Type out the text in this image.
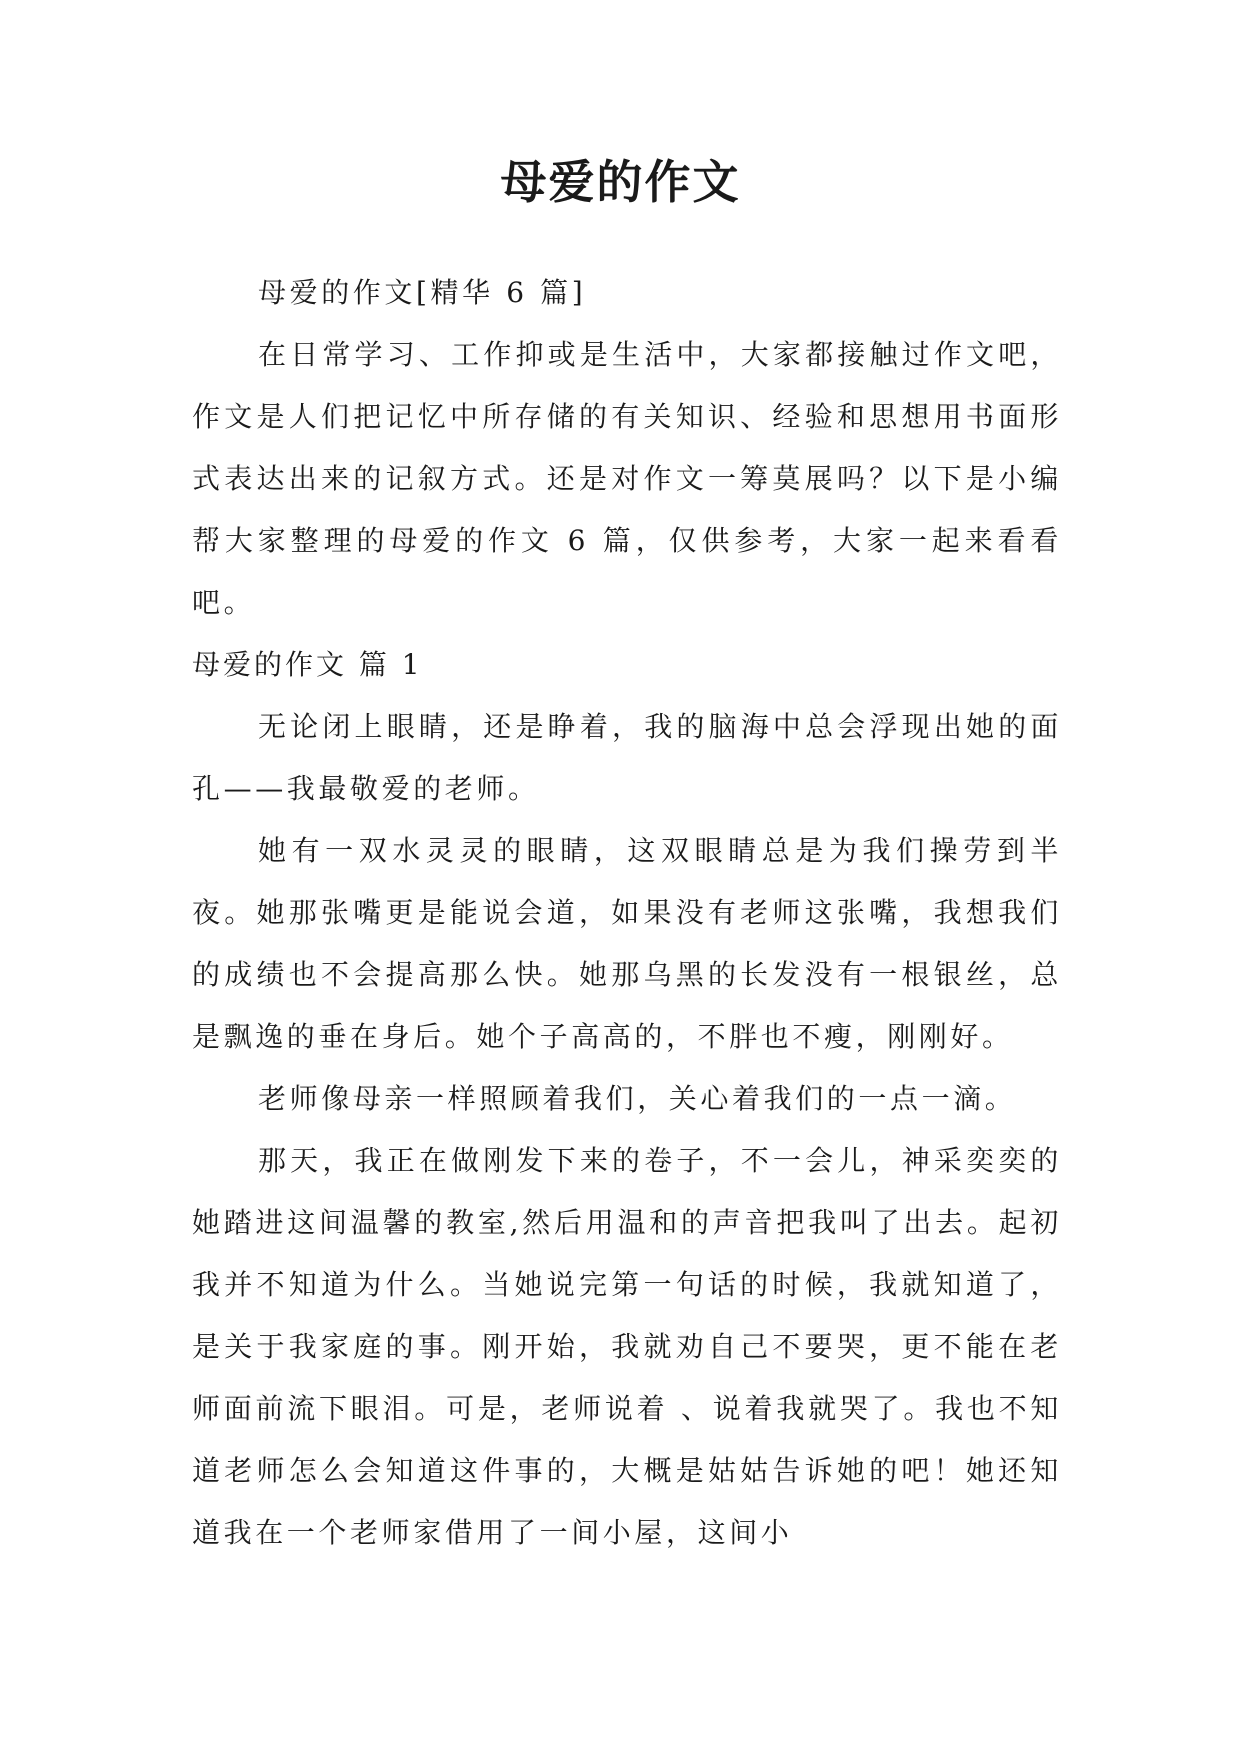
母爱的作文

母爱的作文[精华 6 篇]

在日常学习、工作抑或是生活中，大家都接触过作文吧，作文是人们把记忆中所存储的有关知识、经验和思想用书面形式表达出来的记叙方式。还是对作文一筹莫展吗？以下是小编帮大家整理的母爱的作文 6 篇，仅供参考，大家一起来看看吧。

母爱的作文 篇 1

无论闭上眼睛，还是睁着，我的脑海中总会浮现出她的面孔——我最敬爱的老师。

她有一双水灵灵的眼睛，这双眼睛总是为我们操劳到半夜。她那张嘴更是能说会道，如果没有老师这张嘴，我想我们的成绩也不会提高那么快。她那乌黑的长发没有一根银丝，总是飘逸的垂在身后。她个子高高的，不胖也不瘦，刚刚好。

老师像母亲一样照顾着我们，关心着我们的一点一滴。

那天，我正在做刚发下来的卷子，不一会儿，神采奕奕的她踏进这间温馨的教室,然后用温和的声音把我叫了出去。起初我并不知道为什么。当她说完第一句话的时候，我就知道了，是关于我家庭的事。刚开始，我就劝自己不要哭，更不能在老师面前流下眼泪。可是，老师说着 、说着我就哭了。我也不知道老师怎么会知道这件事的，大概是姑姑告诉她的吧！她还知道我在一个老师家借用了一间小屋，这间小
